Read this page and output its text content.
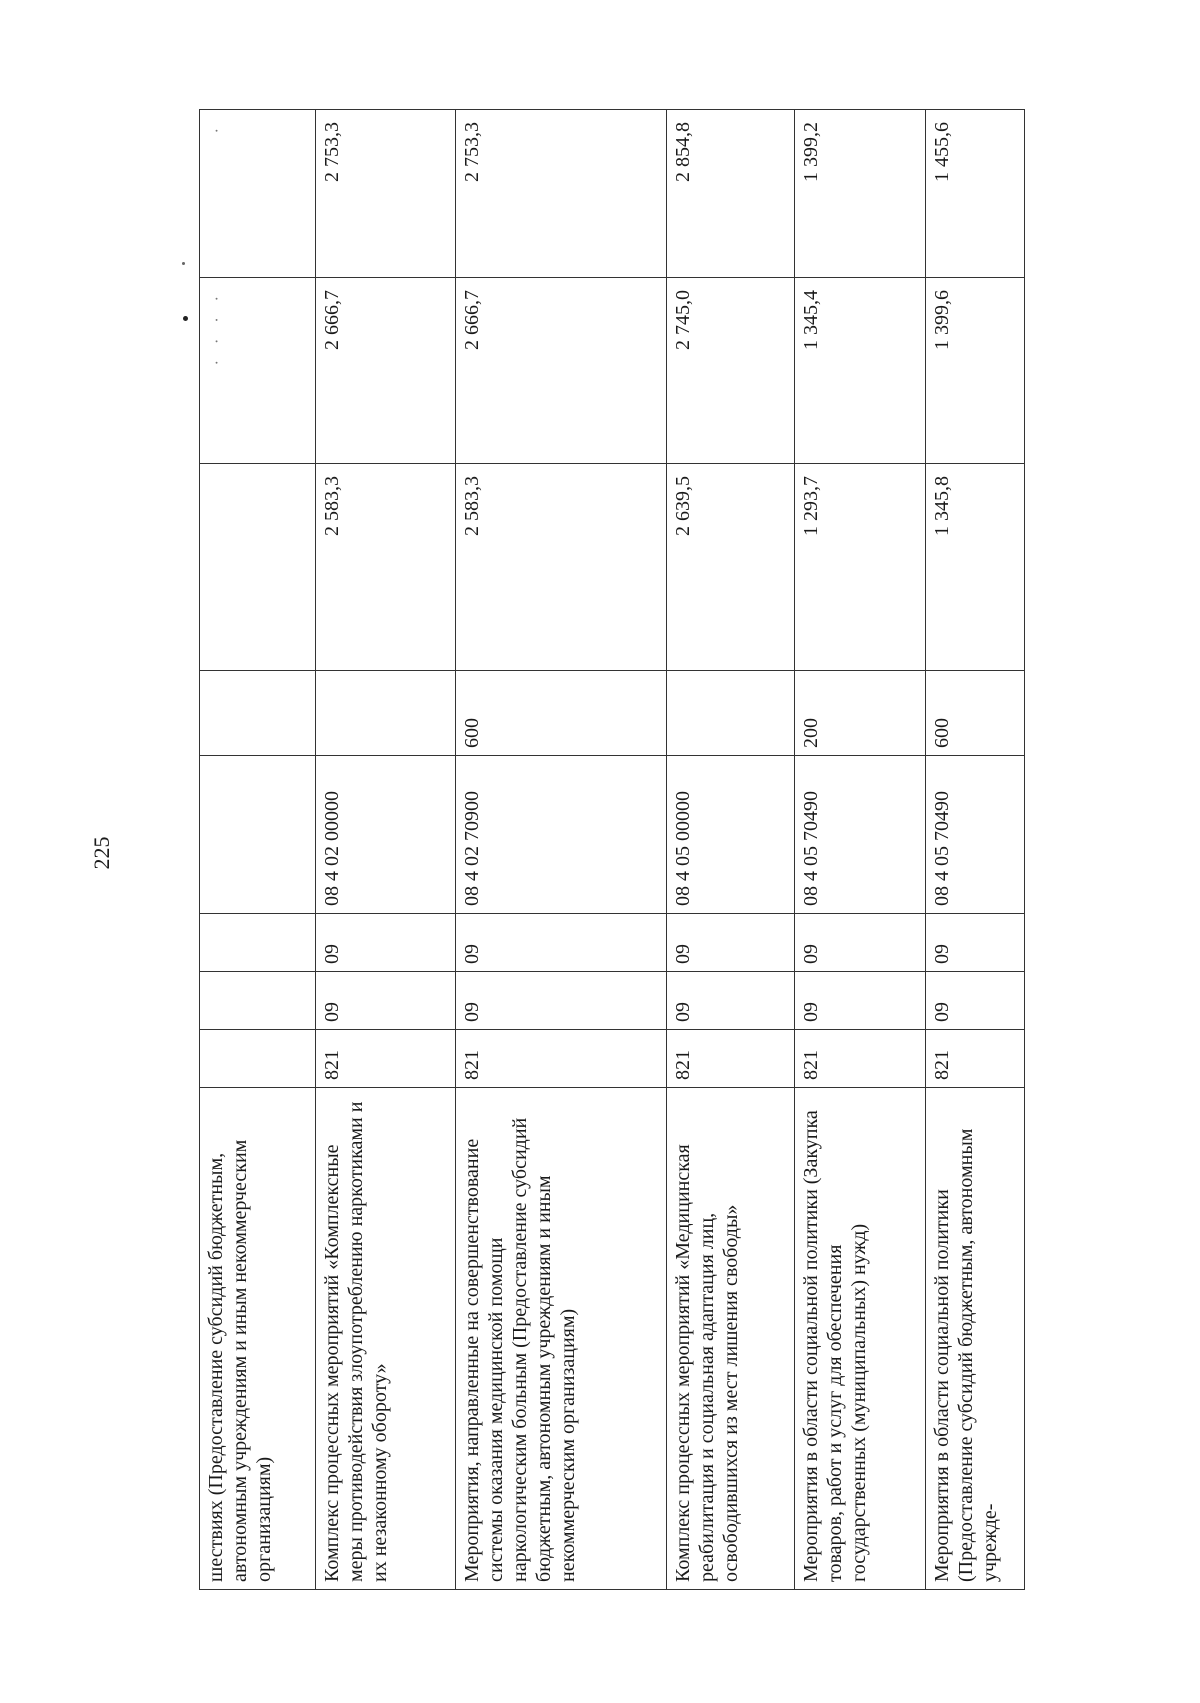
225
шествиях (Предоставление субсидий бюджетным, автономным учреждениям и иным некоммерческим организациям)							· · · ·	·
Комплекс процессных мероприятий «Комплексные меры противодействия злоупотреблению наркотиками и их незаконному обороту»	821	09	09	08 4 02 00000		2 583,3	2 666,7	2 753,3
Мероприятия, направленные на совершенствование системы оказания медицинской помощи наркологическим больным (Предоставление субсидий бюджетным, автономным учреждениям и иным некоммерческим организациям)	821	09	09	08 4 02 70900	600	2 583,3	2 666,7	2 753,3
Комплекс процессных мероприятий «Медицинская реабилитация и социальная адаптация лиц, освободившихся из мест лишения свободы»	821	09	09	08 4 05 00000		2 639,5	2 745,0	2 854,8
Мероприятия в области социальной политики (Закупка товаров, работ и услуг для обеспечения государственных (муниципальных) нужд)	821	09	09	08 4 05 70490	200	1 293,7	1 345,4	1 399,2
Мероприятия в области социальной политики (Предоставление субсидий бюджетным, автономным учрежде-	821	09	09	08 4 05 70490	600	1 345,8	1 399,6	1 455,6
